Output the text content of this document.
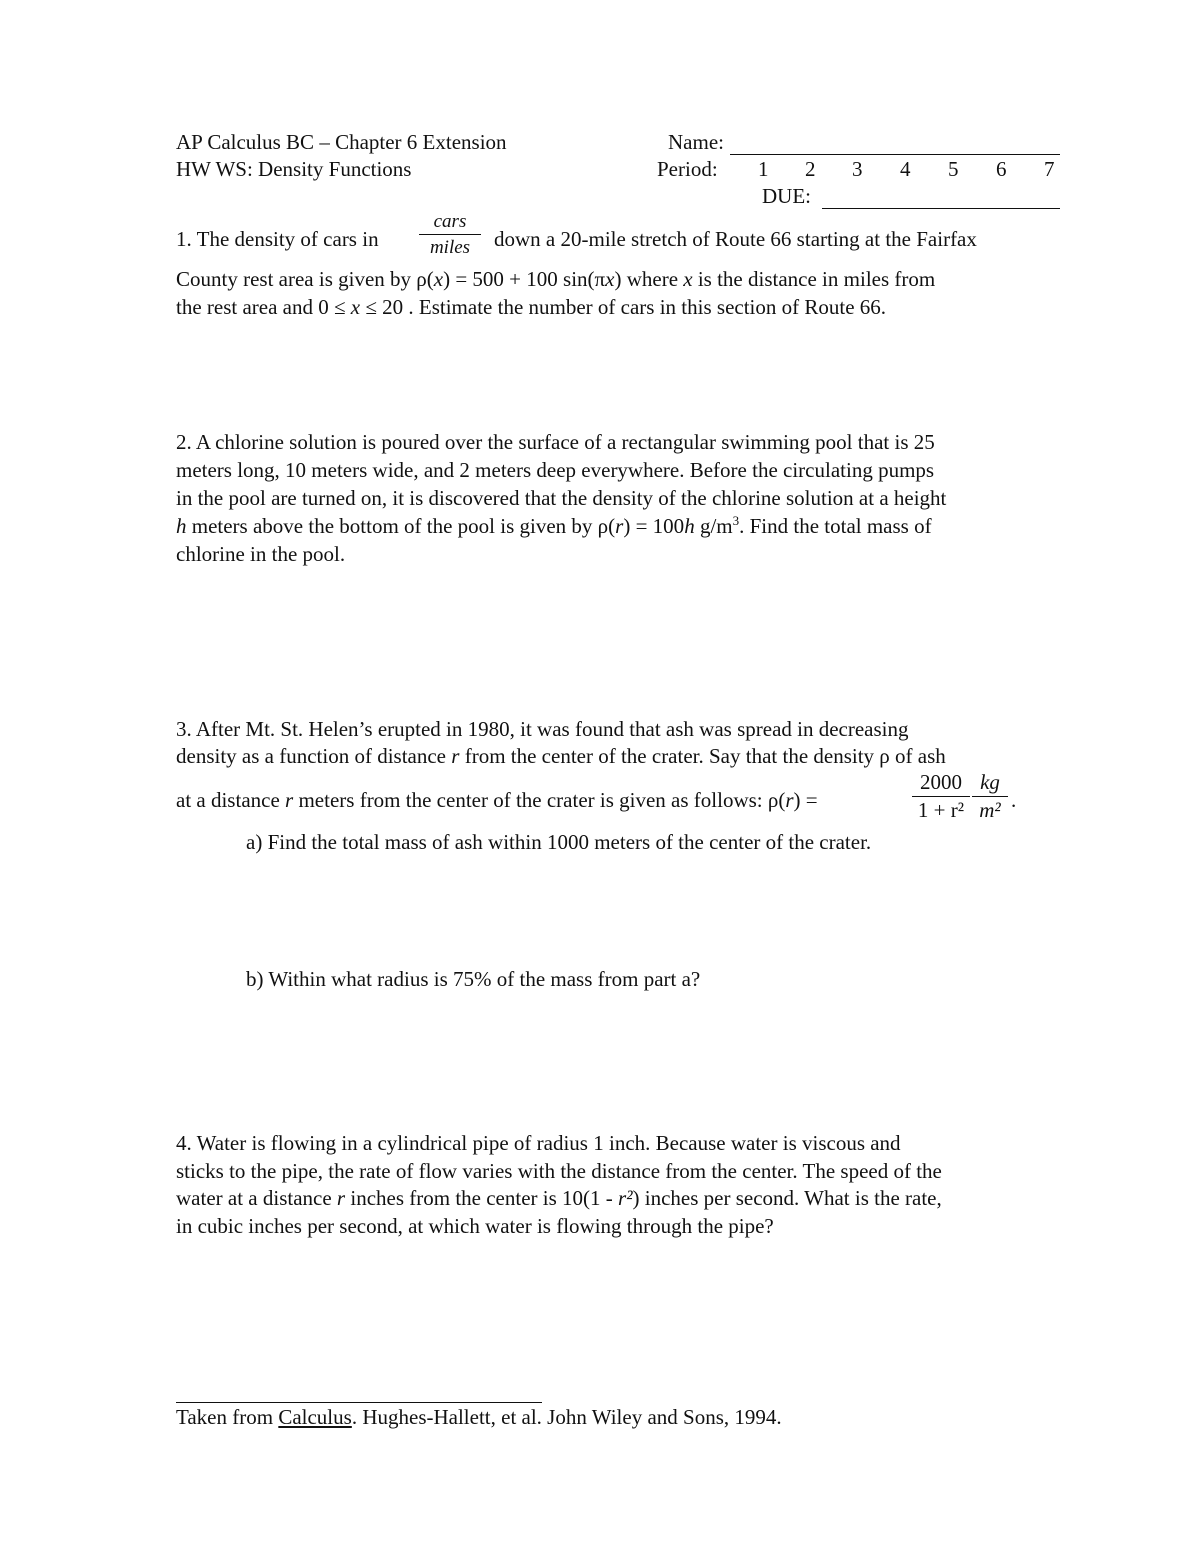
AP Calculus BC – Chapter 6 Extension
HW WS: Density Functions
Name:
Period: 1 2 3 4 5 6 7
DUE:
1. The density of cars in
cars
miles	down a 20-mile stretch of Route 66 starting at the Fairfax
County rest area is given by ρ(x) = 500 + 100 sin(πx) where x is the distance in miles from
the rest area and 0 ≤ x ≤ 20 . Estimate the number of cars in this section of Route 66.
2. A chlorine solution is poured over the surface of a rectangular swimming pool that is 25
meters long, 10 meters wide, and 2 meters deep everywhere. Before the circulating pumps
in the pool are turned on, it is discovered that the density of the chlorine solution at a height
h meters above the bottom of the pool is given by ρ(r) = 100h $g/m^3$. Find the total mass of
chlorine in the pool.
3. After Mt. St. Helen’s erupted in 1980, it was found that ash was spread in decreasing
density as a function of distance r from the center of the crater. Say that the density ρ of ash
at a distance r meters from the center of the crater is given as follows: ρ(r) =
2000
1 + r²
kg
m² .
a) Find the total mass of ash within 1000 meters of the center of the crater.
b) Within what radius is 75% of the mass from part a?
4. Water is flowing in a cylindrical pipe of radius 1 inch. Because water is viscous and
sticks to the pipe, the rate of flow varies with the distance from the center. The speed of the
water at a distance r inches from the center is 10(1 - r²) inches per second. What is the rate,
in cubic inches per second, at which water is flowing through the pipe?
Taken from Calculus. Hughes-Hallett, et al. John Wiley and Sons, 1994.
